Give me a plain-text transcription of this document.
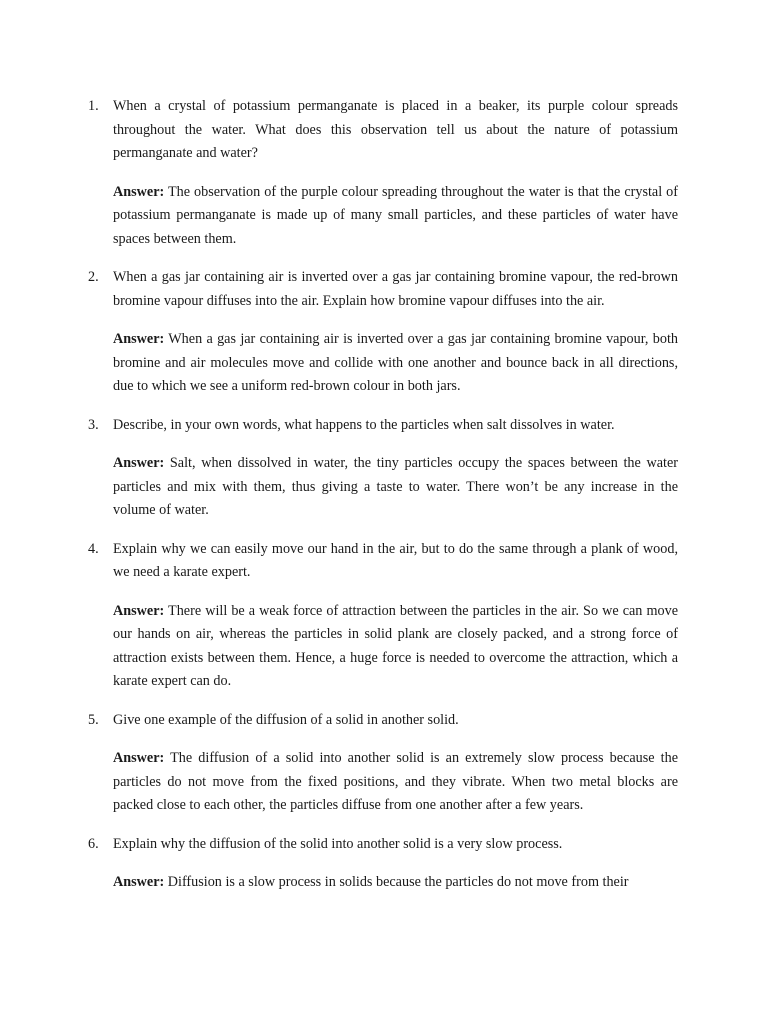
1.	When a crystal of potassium permanganate is placed in a beaker, its purple colour spreads throughout the water. What does this observation tell us about the nature of potassium permanganate and water?

Answer: The observation of the purple colour spreading throughout the water is that the crystal of potassium permanganate is made up of many small particles, and these particles of water have spaces between them.

2.	When a gas jar containing air is inverted over a gas jar containing bromine vapour, the red-brown bromine vapour diffuses into the air. Explain how bromine vapour diffuses into the air.

Answer: When a gas jar containing air is inverted over a gas jar containing bromine vapour, both bromine and air molecules move and collide with one another and bounce back in all directions, due to which we see a uniform red-brown colour in both jars.

3.	Describe, in your own words, what happens to the particles when salt dissolves in water.

Answer: Salt, when dissolved in water, the tiny particles occupy the spaces between the water particles and mix with them, thus giving a taste to water. There won’t be any increase in the volume of water.

4.	Explain why we can easily move our hand in the air, but to do the same through a plank of wood, we need a karate expert.

Answer: There will be a weak force of attraction between the particles in the air. So we can move our hands on air, whereas the particles in solid plank are closely packed, and a strong force of attraction exists between them. Hence, a huge force is needed to overcome the attraction, which a karate expert can do.

5.	Give one example of the diffusion of a solid in another solid.

Answer: The diffusion of a solid into another solid is an extremely slow process because the particles do not move from the fixed positions, and they vibrate. When two metal blocks are packed close to each other, the particles diffuse from one another after a few years.

6.	Explain why the diffusion of the solid into another solid is a very slow process.

Answer: Diffusion is a slow process in solids because the particles do not move from their
